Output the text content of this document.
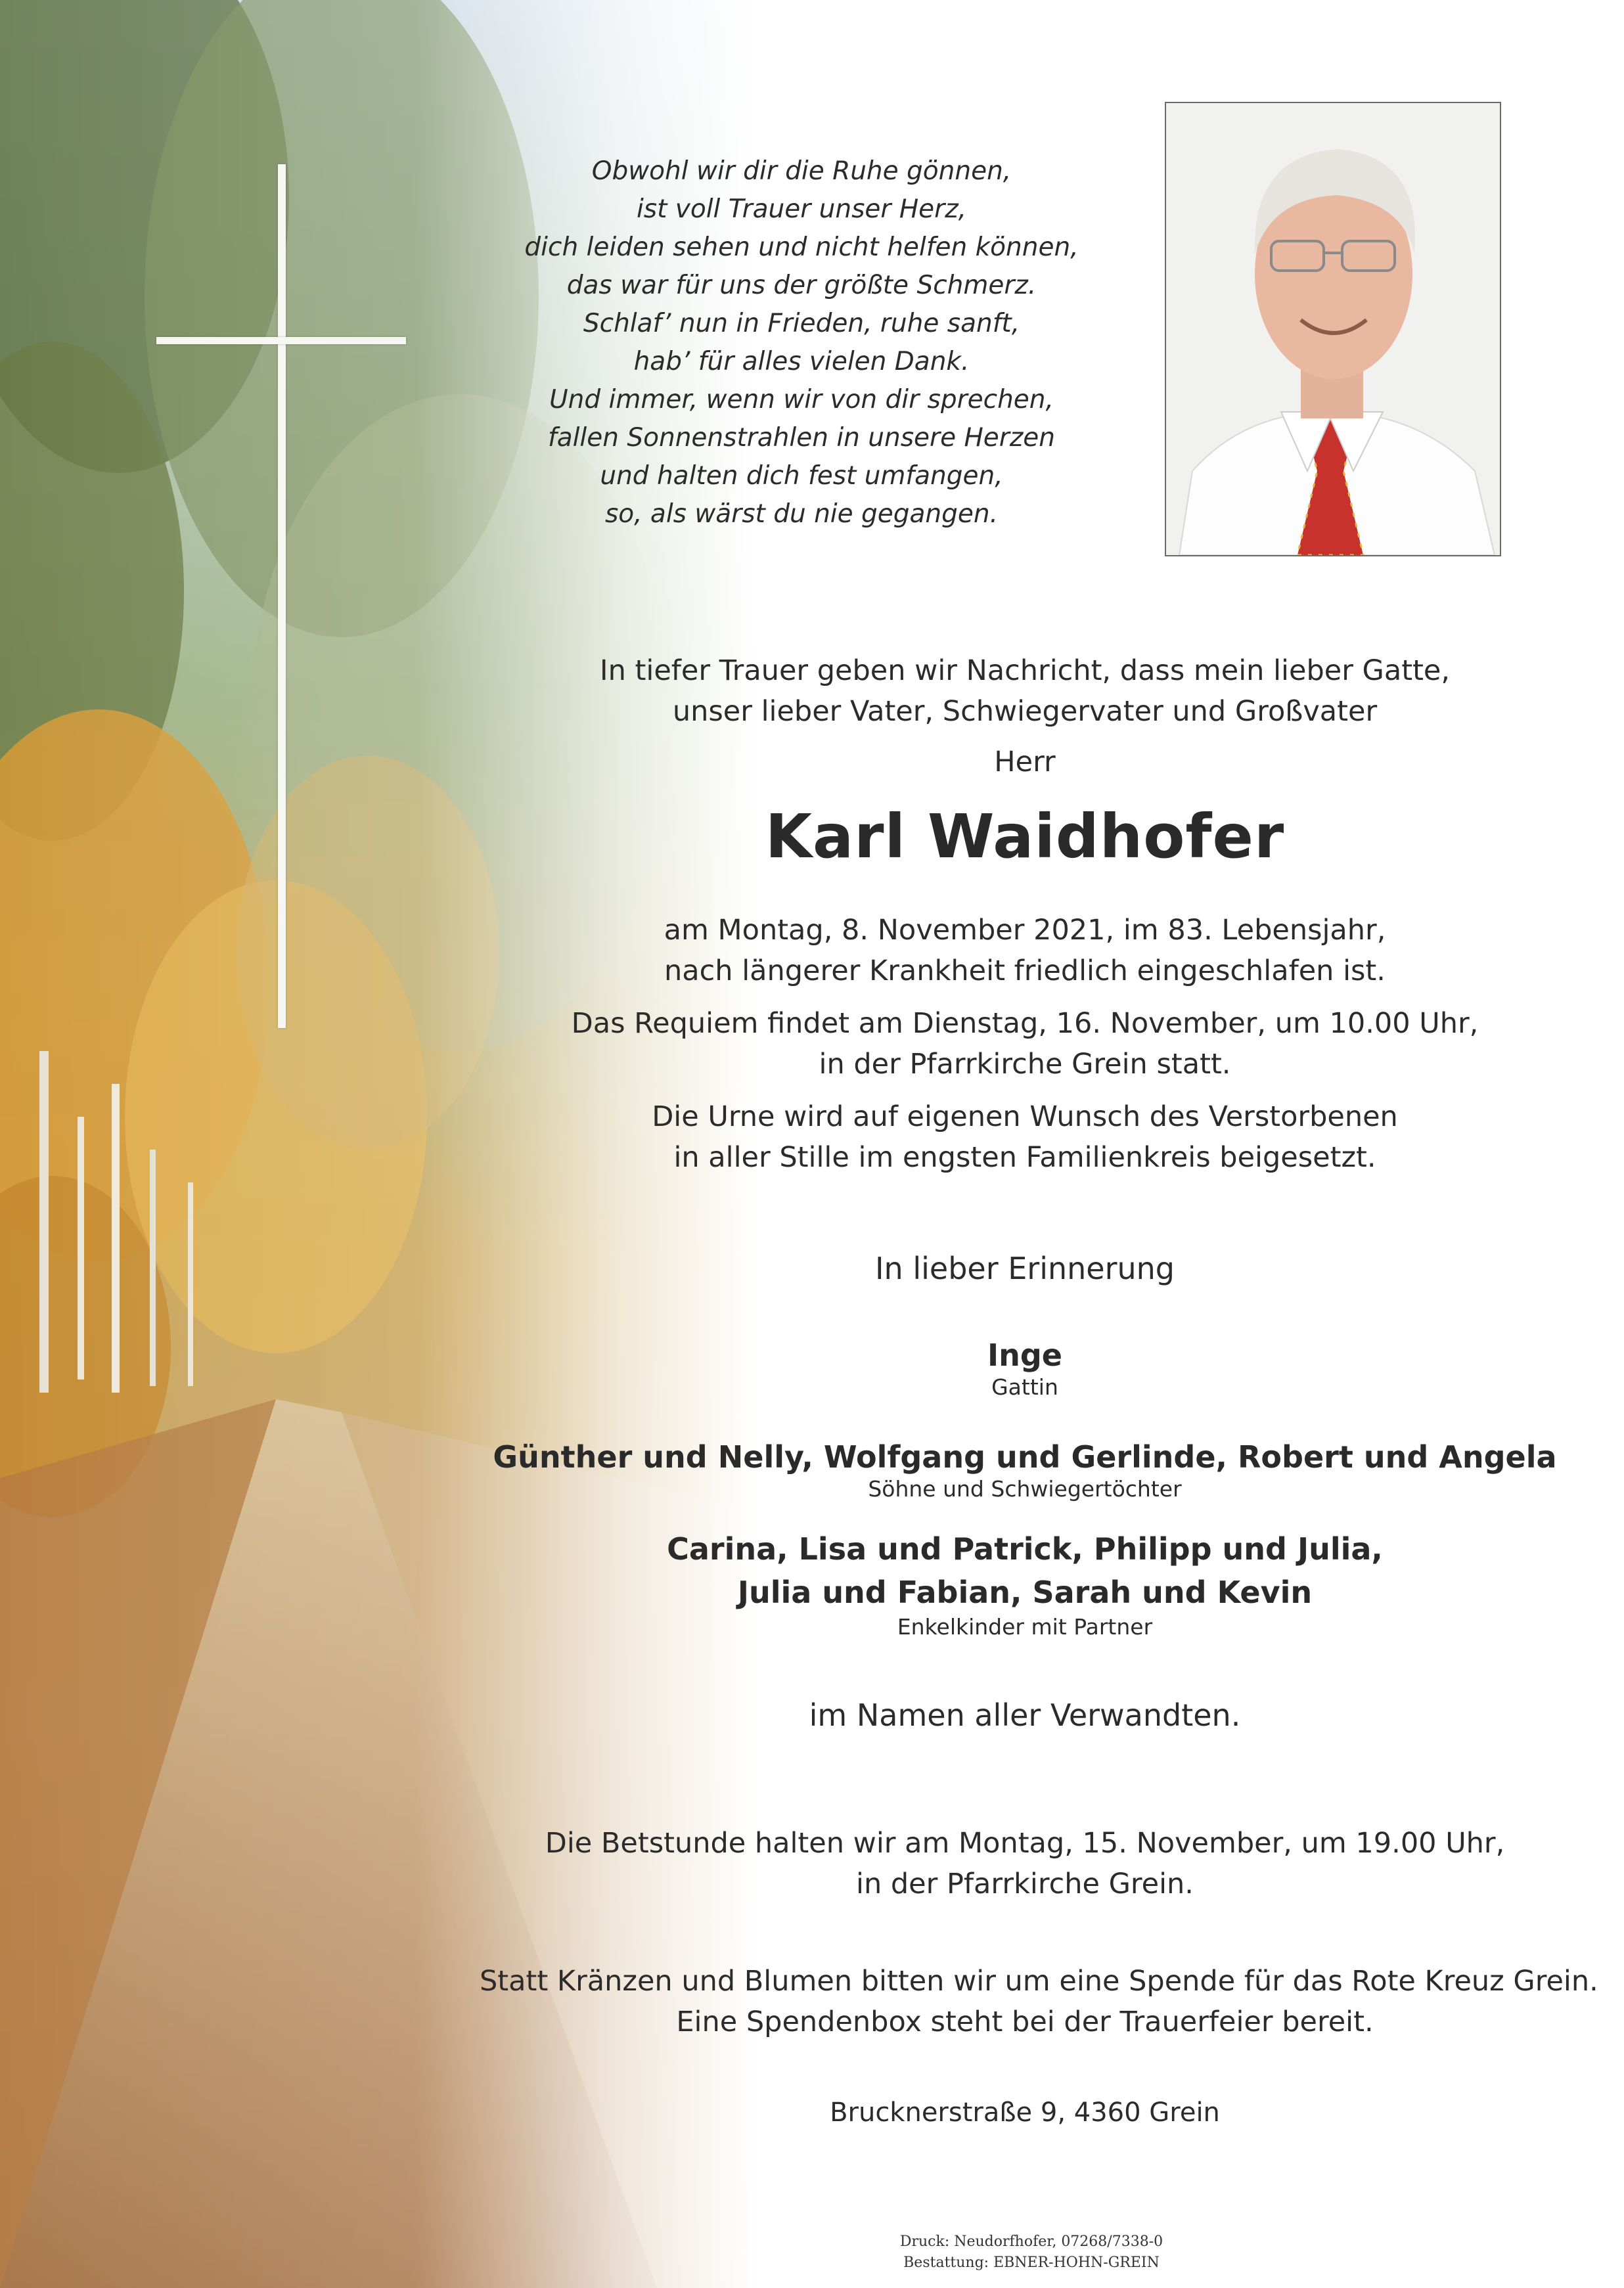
Obwohl wir dir die Ruhe gönnen,
ist voll Trauer unser Herz,
dich leiden sehen und nicht helfen können,
das war für uns der größte Schmerz.
Schlaf’ nun in Frieden, ruhe sanft,
hab’ für alles vielen Dank.
Und immer, wenn wir von dir sprechen,
fallen Sonnenstrahlen in unsere Herzen
und halten dich fest umfangen,
so, als wärst du nie gegangen.
In tiefer Trauer geben wir Nachricht, dass mein lieber Gatte,
unser lieber Vater, Schwiegervater und Großvater
Herr
Karl Waidhofer
am Montag, 8. November 2021, im 83. Lebensjahr,
nach längerer Krankheit friedlich eingeschlafen ist.
Das Requiem findet am Dienstag, 16. November, um 10.00 Uhr,
in der Pfarrkirche Grein statt.
Die Urne wird auf eigenen Wunsch des Verstorbenen
in aller Stille im engsten Familienkreis beigesetzt.
In lieber Erinnerung
Inge
Gattin
Günther und Nelly, Wolfgang und Gerlinde, Robert und Angela
Söhne und Schwiegertöchter
Carina, Lisa und Patrick, Philipp und Julia,
Julia und Fabian, Sarah und Kevin
Enkelkinder mit Partner
im Namen aller Verwandten.
Die Betstunde halten wir am Montag, 15. November, um 19.00 Uhr,
in der Pfarrkirche Grein.
Statt Kränzen und Blumen bitten wir um eine Spende für das Rote Kreuz Grein.
Eine Spendenbox steht bei der Trauerfeier bereit.
Brucknerstraße 9, 4360 Grein
Druck: Neudorfhofer, 07268/7338-0
Bestattung: EBNER-HOHN-GREIN
